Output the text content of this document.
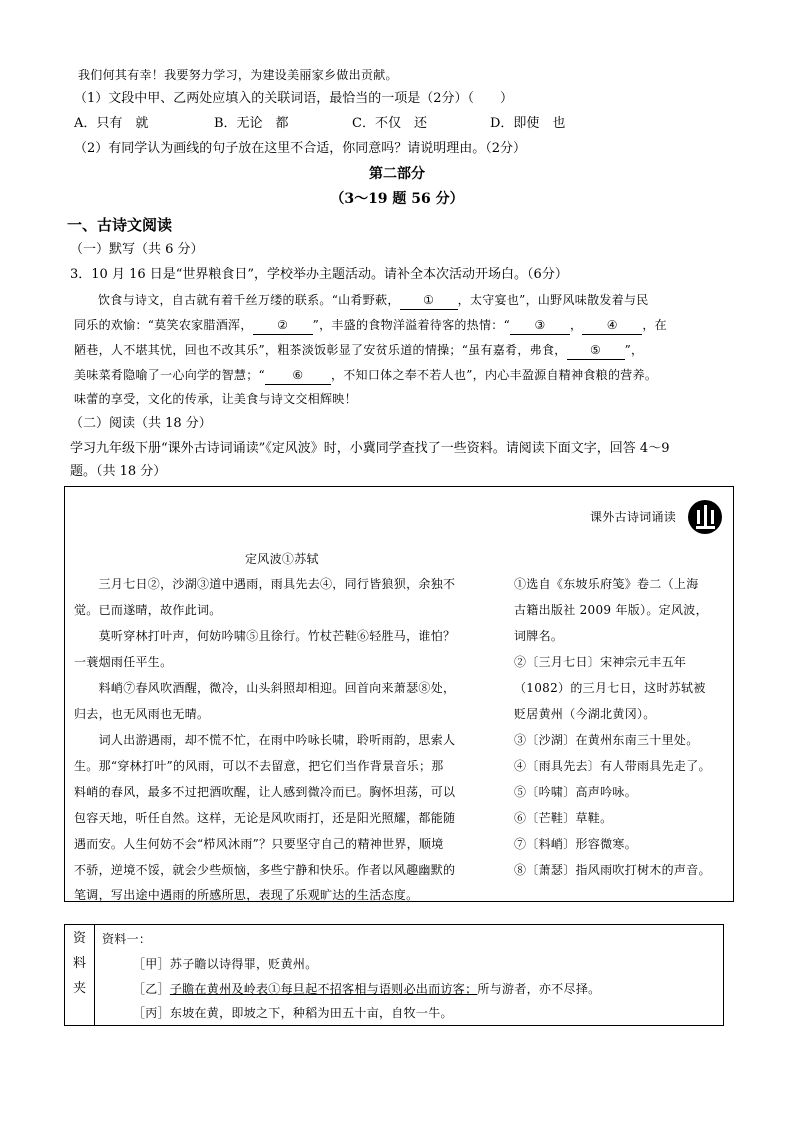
我们何其有幸！我要努力学习，为建设美丽家乡做出贡献。
（1）文段中甲、乙两处应填入的关联词语，最恰当的一项是（2分）（　　）
A．只有　就	B．无论　都	C．不仅　还	D．即使　也
（2）有同学认为画线的句子放在这里不合适，你同意吗？请说明理由。（2分）
第二部分
（3～19 题 56 分）
一、古诗文阅读
（一）默写（共 6 分）
3．10 月 16 日是“世界粮食日”，学校举办主题活动。请补全本次活动开场白。（6分）
饮食与诗文，自古就有着千丝万缕的联系。“山肴野蔌， ① ，太守宴也”，山野风味散发着与民
同乐的欢愉：“莫笑农家腊酒浑， ② ”，丰盛的食物洋溢着待客的热情：“ ③ ， ④ ，在
陋巷，人不堪其忧，回也不改其乐”，粗茶淡饭彰显了安贫乐道的情操；“虽有嘉肴，弗食， ⑤ ”，
美味菜肴隐喻了一心向学的智慧；“ ⑥ ，不知口体之奉不若人也”，内心丰盈源自精神食粮的营养。
味蕾的享受，文化的传承，让美食与诗文交相辉映！
（二）阅读（共 18 分）
学习九年级下册“课外古诗词诵读”《定风波》时，小冀同学查找了一些资料。请阅读下面文字，回答 4～9
题。（共 18 分）
课外古诗词诵读
定风波①苏轼
　　三月七日②，沙湖③道中遇雨，雨具先去④，同行皆狼狈，余独不
觉。已而遂晴，故作此词。
　　莫听穿林打叶声，何妨吟啸⑤且徐行。竹杖芒鞋⑥轻胜马，谁怕？
一蓑烟雨任平生。
　　料峭⑦春风吹酒醒，微冷，山头斜照却相迎。回首向来萧瑟⑧处，
归去，也无风雨也无晴。
　　词人出游遇雨，却不慌不忙，在雨中吟咏长啸，聆听雨韵，思索人
生。那“穿林打叶”的风雨，可以不去留意，把它们当作背景音乐；那
料峭的春风，最多不过把酒吹醒，让人感到微冷而已。胸怀坦荡，可以
包容天地，听任自然。这样，无论是风吹雨打，还是阳光照耀，都能随
遇而安。人生何妨不会“栉风沐雨”？只要坚守自己的精神世界，顺境
不骄，逆境不馁，就会少些烦恼，多些宁静和快乐。作者以风趣幽默的
笔调，写出途中遇雨的所感所思，表现了乐观旷达的生活态度。
①选自《东坡乐府笺》卷二（上海
古籍出版社 2009 年版）。定风波，
词牌名。
②〔三月七日〕宋神宗元丰五年
（1082）的三月七日，这时苏轼被
贬居黄州（今湖北黄冈）。
③〔沙湖〕在黄州东南三十里处。
④〔雨具先去〕有人带雨具先走了。
⑤〔吟啸〕高声吟咏。
⑥〔芒鞋〕草鞋。
⑦〔料峭〕形容微寒。
⑧〔萧瑟〕指风雨吹打树木的声音。
资
料
夹
资料一：
［甲］苏子瞻以诗得罪，贬黄州。
［乙］子瞻在黄州及岭表①每旦起不招客相与语则必出而访客；所与游者，亦不尽择。
［丙］东坡在黄，即坡之下，种稻为田五十亩，自牧一牛。
